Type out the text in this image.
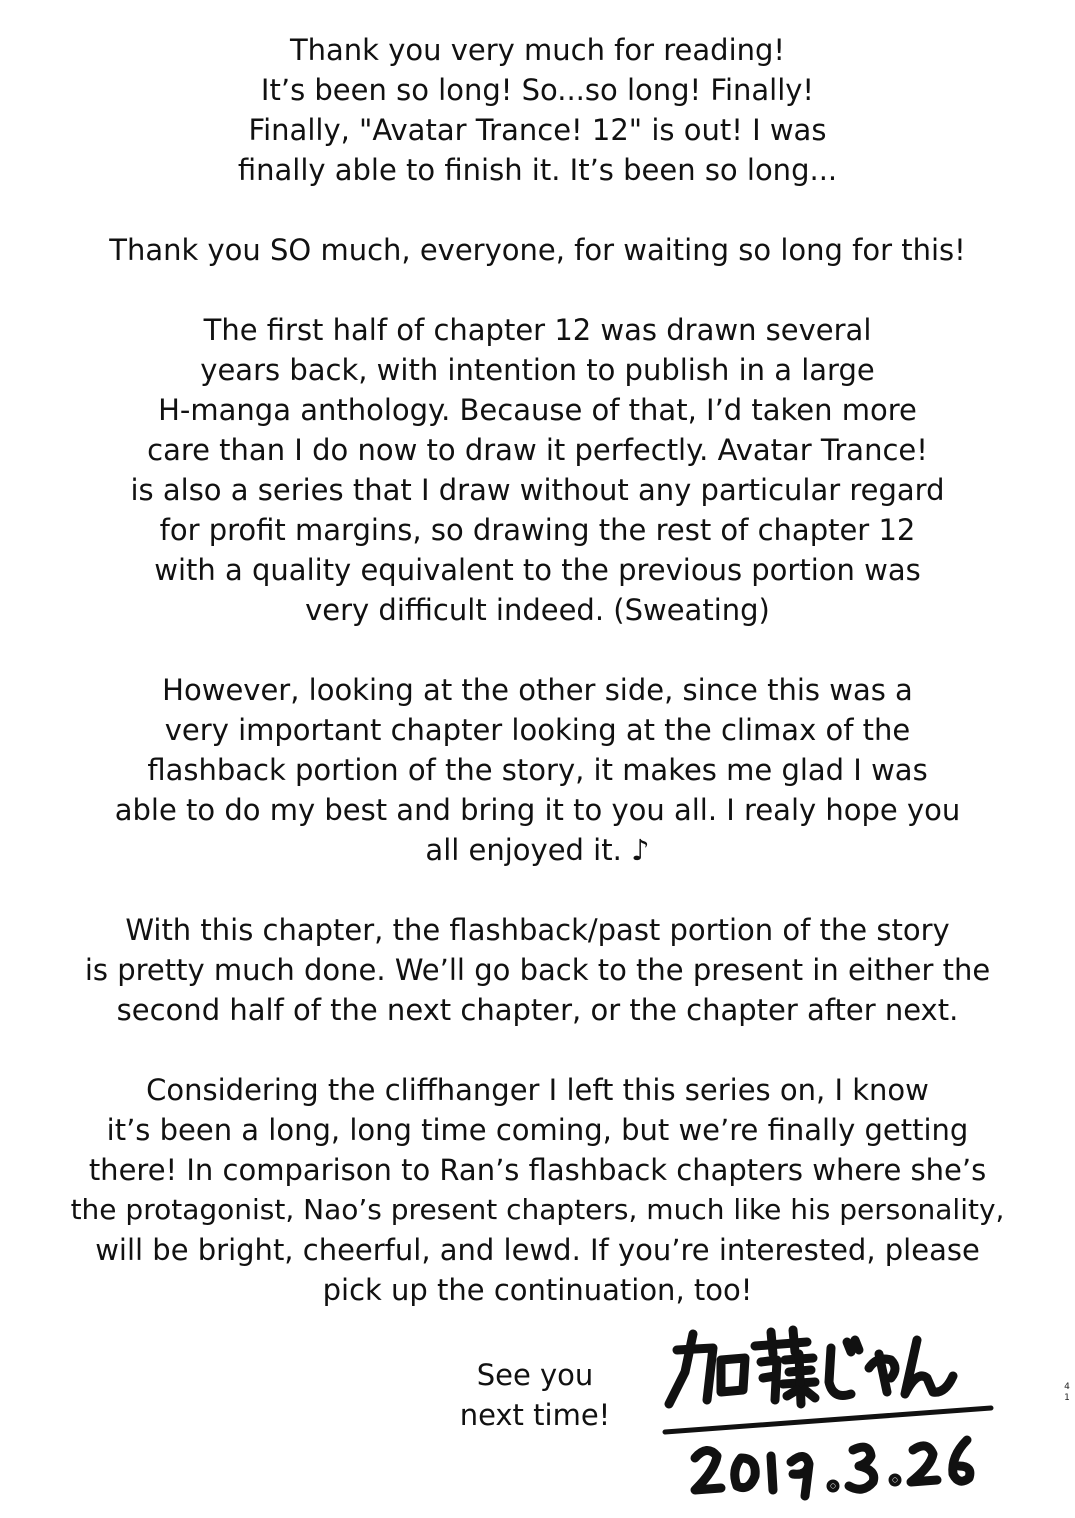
Thank you very much for reading!
It’s been so long! So...so long! Finally!
Finally, "Avatar Trance! 12" is out! I was
finally able to finish it. It’s been so long...
Thank you SO much, everyone, for waiting so long for this!
The first half of chapter 12 was drawn several
years back, with intention to publish in a large
H-manga anthology. Because of that, I’d taken more
care than I do now to draw it perfectly. Avatar Trance!
is also a series that I draw without any particular regard
for profit margins, so drawing the rest of chapter 12
with a quality equivalent to the previous portion was
very difficult indeed. (Sweating)
However, looking at the other side, since this was a
very important chapter looking at the climax of the
flashback portion of the story, it makes me glad I was
able to do my best and bring it to you all. I realy hope you
all enjoyed it. ♪
With this chapter, the flashback/past portion of the story
is pretty much done. We’ll go back to the present in either the
second half of the next chapter, or the chapter after next.
Considering the cliffhanger I left this series on, I know
it’s been a long, long time coming, but we’re finally getting
there! In comparison to Ran’s flashback chapters where she’s
the protagonist, Nao’s present chapters, much like his personality,
will be bright, cheerful, and lewd. If you’re interested, please
pick up the continuation, too!
See you
next time!
4
1
